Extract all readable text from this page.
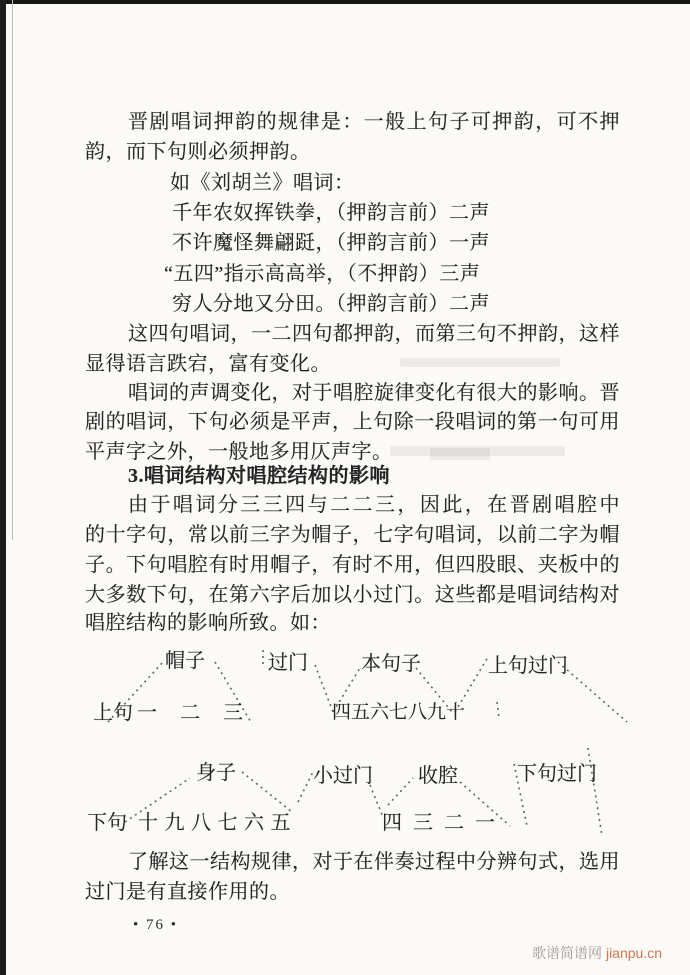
晋剧唱词押韵的规律是：一般上句子可押韵，可不押
韵，而下句则必须押韵。
如《刘胡兰》唱词：
千年农奴挥铁拳，（押韵言前）二声
不许魔怪舞翩跹，（押韵言前）一声
“五四”指示高高举，（不押韵）三声
穷人分地又分田。（押韵言前）二声
这四句唱词，一二四句都押韵，而第三句不押韵，这样
显得语言跌宕，富有变化。
唱词的声调变化，对于唱腔旋律变化有很大的影响。晋
剧的唱词，下句必须是平声，上句除一段唱词的第一句可用
平声字之外，一般地多用仄声字。
3.唱词结构对唱腔结构的影响
由于唱词分三三四与二二三，因此，在晋剧唱腔中
的十字句，常以前三字为帽子，七字句唱词，以前二字为帽
子。下句唱腔有时用帽子，有时不用，但四股眼、夹板中的
大多数下句，在第六字后加以小过门。这些都是唱词结构对
唱腔结构的影响所致。如：
了解这一结构规律，对于在伴奏过程中分辨句式，选用
过门是有直接作用的。
帽子	过门	本句子	上句过门
上句 一二三	四五六七八九十
身子	小过门 收腔	下句过门
下句 十九八七六五	四三二一
• 76 •
歌谱简谱网 jianpu.cn
